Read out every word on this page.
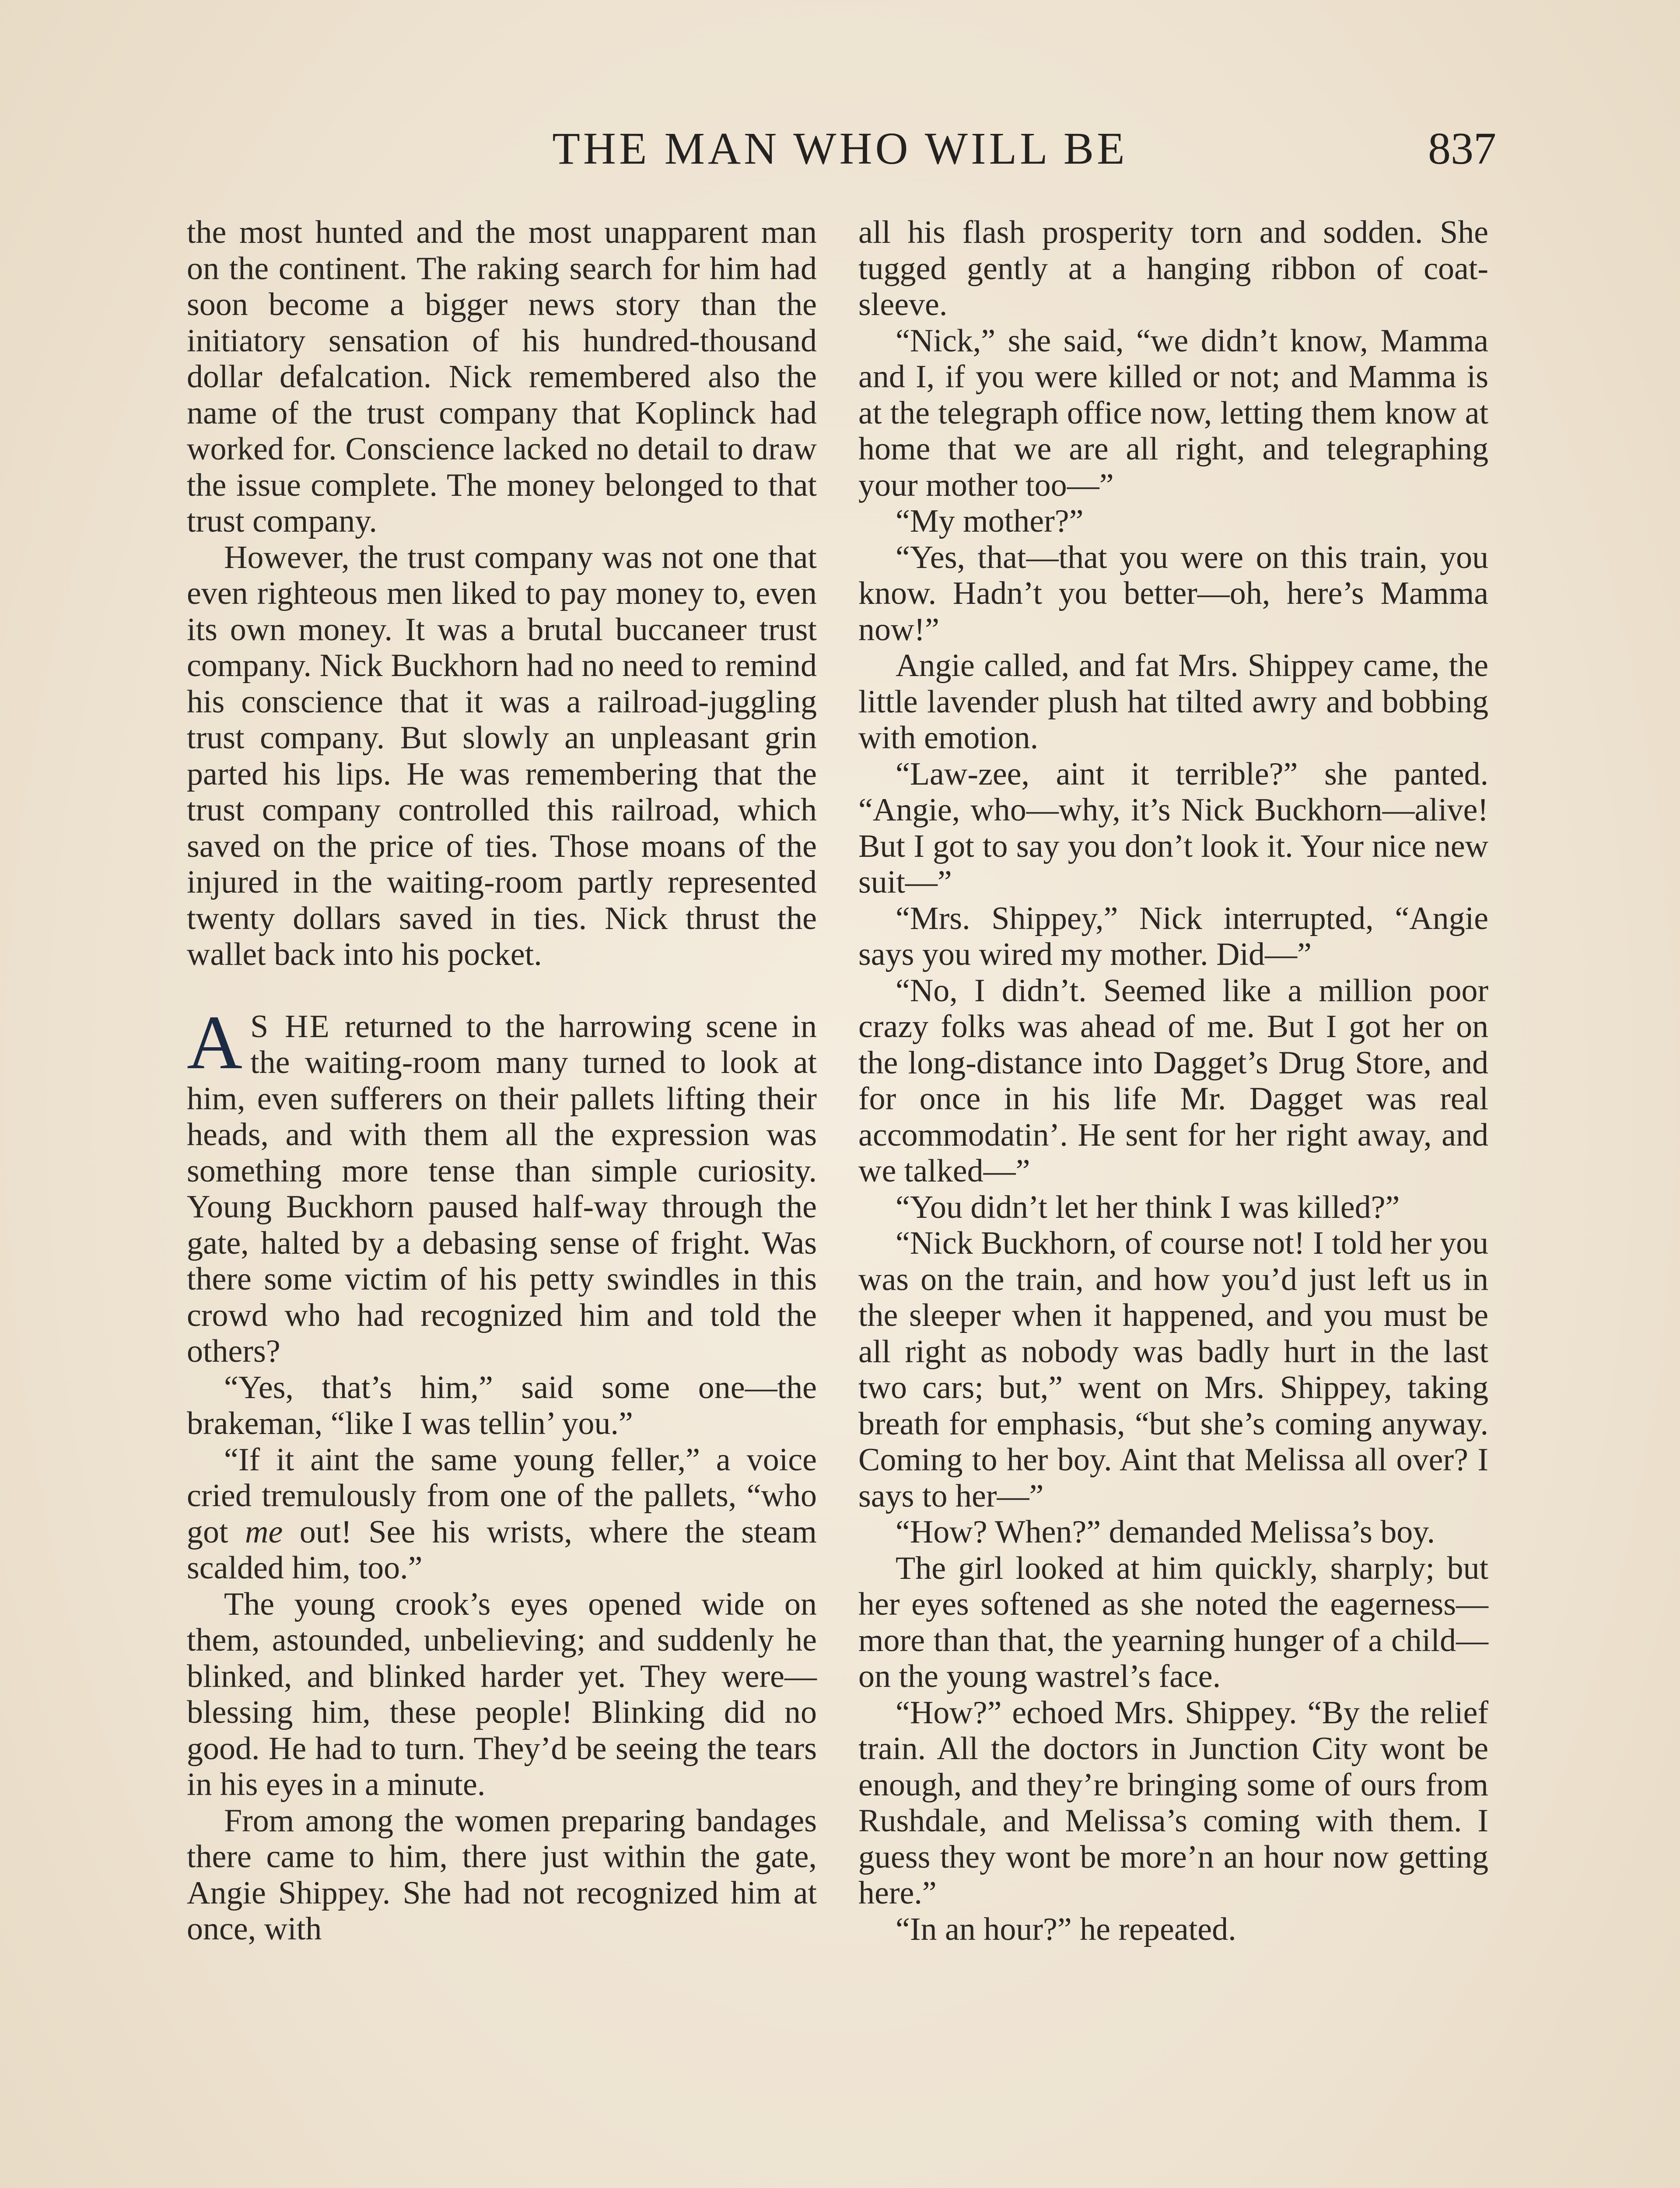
THE MAN WHO WILL BE	837

the most hunted and the most unapparent man on the continent. The raking search for him had soon become a bigger news story than the initiatory sensation of his hundred-thousand dollar defalcation. Nick remembered also the name of the trust company that Koplinck had worked for. Conscience lacked no detail to draw the issue complete. The money belonged to that trust company.

However, the trust company was not one that even righteous men liked to pay money to, even its own money. It was a brutal buccaneer trust company. Nick Buckhorn had no need to remind his conscience that it was a railroad-juggling trust company. But slowly an unpleasant grin parted his lips. He was remembering that the trust company controlled this railroad, which saved on the price of ties. Those moans of the injured in the waiting-room partly represented twenty dollars saved in ties. Nick thrust the wallet back into his pocket.

A S HE returned to the harrowing scene in the waiting-room many turned to look at him, even sufferers on their pallets lifting their heads, and with them all the expression was something more tense than simple curiosity. Young Buckhorn paused half-way through the gate, halted by a debasing sense of fright. Was there some victim of his petty swindles in this crowd who had recognized him and told the others?

“Yes, that’s him,” said some one—the brakeman, “like I was tellin’ you.”

“If it aint the same young feller,” a voice cried tremulously from one of the pallets, “who got me out! See his wrists, where the steam scalded him, too.”

The young crook’s eyes opened wide on them, astounded, unbelieving; and suddenly he blinked, and blinked harder yet. They were—blessing him, these people! Blinking did no good. He had to turn. They’d be seeing the tears in his eyes in a minute.

From among the women preparing bandages there came to him, there just within the gate, Angie Shippey. She had not recognized him at once, with

all his flash prosperity torn and sodden. She tugged gently at a hanging ribbon of coat-sleeve.

“Nick,” she said, “we didn’t know, Mamma and I, if you were killed or not; and Mamma is at the telegraph office now, letting them know at home that we are all right, and telegraphing your mother too—”

“My mother?”

“Yes, that—that you were on this train, you know. Hadn’t you better—oh, here’s Mamma now!”

Angie called, and fat Mrs. Shippey came, the little lavender plush hat tilted awry and bobbing with emotion.

“Law-zee, aint it terrible?” she panted. “Angie, who—why, it’s Nick Buckhorn—alive! But I got to say you don’t look it. Your nice new suit—”

“Mrs. Shippey,” Nick interrupted, “Angie says you wired my mother. Did—”

“No, I didn’t. Seemed like a million poor crazy folks was ahead of me. But I got her on the long-distance into Dagget’s Drug Store, and for once in his life Mr. Dagget was real accommodatin’. He sent for her right away, and we talked—”

“You didn’t let her think I was killed?”

“Nick Buckhorn, of course not! I told her you was on the train, and how you’d just left us in the sleeper when it happened, and you must be all right as nobody was badly hurt in the last two cars; but,” went on Mrs. Shippey, taking breath for emphasis, “but she’s coming anyway. Coming to her boy. Aint that Melissa all over? I says to her—”

“How? When?” demanded Melissa’s boy.

The girl looked at him quickly, sharply; but her eyes softened as she noted the eagerness—more than that, the yearning hunger of a child—on the young wastrel’s face.

“How?” echoed Mrs. Shippey. “By the relief train. All the doctors in Junction City wont be enough, and they’re bringing some of ours from Rushdale, and Melissa’s coming with them. I guess they wont be more’n an hour now getting here.”

“In an hour?” he repeated.
